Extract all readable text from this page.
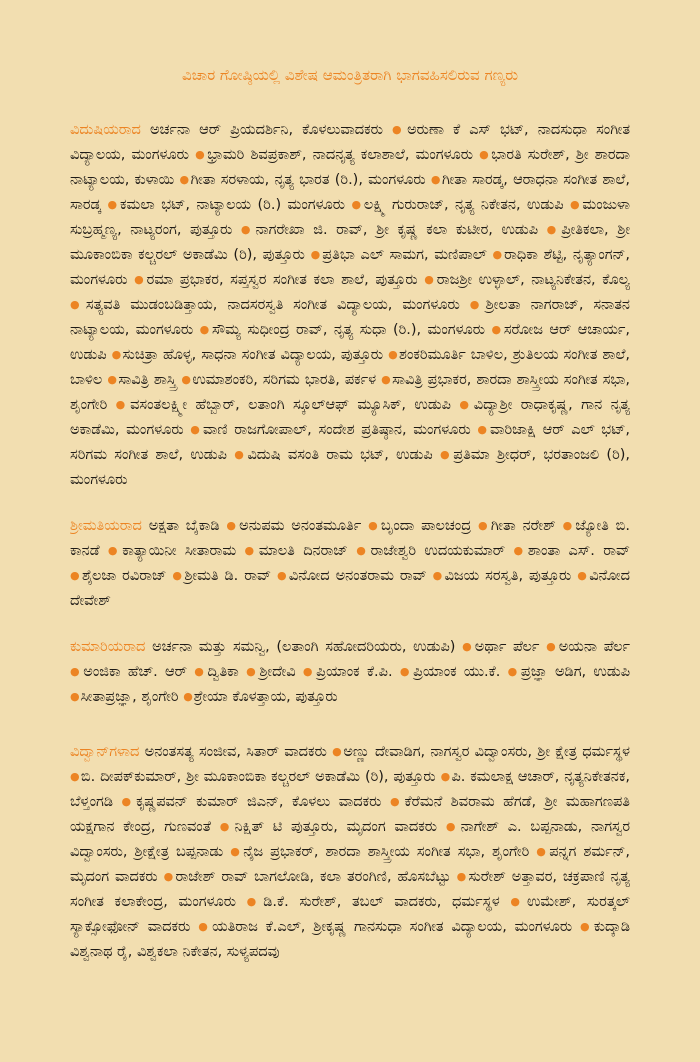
ವಿಚಾರ ಗೋಷ್ಠಿಯಲ್ಲಿ ವಿಶೇಷ ಆಮಂತ್ರಿತರಾಗಿ ಭಾಗವಹಿಸಲಿರುವ ಗಣ್ಯರು

ವಿದುಷಿಯರಾದ ಅರ್ಚನಾ ಆರ್ ಪ್ರಿಯದರ್ಶಿನಿ, ಕೊಳಲುವಾದಕರು ● ಅರುಣಾ ಕೆ ಎಸ್ ಭಟ್, ನಾದಸುಧಾ ಸಂಗೀತ ವಿದ್ಯಾಲಯ, ಮಂಗಳೂರು ● ಭ್ರಾಮರಿ ಶಿವಪ್ರಕಾಶ್, ನಾದನೃತ್ಯ ಕಲಾಶಾಲೆ, ಮಂಗಳೂರು ● ಭಾರತಿ ಸುರೇಶ್, ಶ್ರೀ ಶಾರದಾ ನಾಟ್ಯಾಲಯ, ಕುಳಾಯಿ ● ಗೀತಾ ಸರಳಾಯ, ನೃತ್ಯ ಭಾರತ (ರಿ.), ಮಂಗಳೂರು ● ಗೀತಾ ಸಾರಡ್ಕ, ಆರಾಧನಾ ಸಂಗೀತ ಶಾಲೆ, ಸಾರಡ್ಕ ● ಕಮಲಾ ಭಟ್, ನಾಟ್ಯಾಲಯ (ರಿ.) ಮಂಗಳೂರು ● ಲಕ್ಷ್ಮಿ ಗುರುರಾಜ್, ನೃತ್ಯ ನಿಕೇತನ, ಉಡುಪಿ ● ಮಂಜುಳಾ ಸುಬ್ರಹ್ಮಣ್ಯ, ನಾಟ್ಯರಂಗ, ಪುತ್ತೂರು ● ನಾಗರೇಖಾ ಜಿ. ರಾವ್, ಶ್ರೀ ಕೃಷ್ಣ ಕಲಾ ಕುಟೀರ, ಉಡುಪಿ ● ಪ್ರೀತಿಕಲಾ, ಶ್ರೀ ಮೂಕಾಂಬಿಕಾ ಕಲ್ಚರಲ್ ಅಕಾಡೆಮಿ (ರಿ), ಪುತ್ತೂರು ● ಪ್ರತಿಭಾ ಎಲ್ ಸಾಮಗ, ಮಣಿಪಾಲ್ ● ರಾಧಿಕಾ ಶೆಟ್ಟಿ, ನೃತ್ಯಾಂಗನ್, ಮಂಗಳೂರು ● ರಮಾ ಪ್ರಭಾಕರ, ಸಪ್ತಸ್ವರ ಸಂಗೀತ ಕಲಾ ಶಾಲೆ, ಪುತ್ತೂರು ● ರಾಜಶ್ರೀ ಉಳ್ಳಾಲ್, ನಾಟ್ಯನಿಕೇತನ, ಕೊಲ್ಯ ● ಸತ್ಯವತಿ ಮುಡಂಬಡಿತ್ತಾಯ, ನಾದಸರಸ್ವತಿ ಸಂಗೀತ ವಿದ್ಯಾಲಯ, ಮಂಗಳೂರು ● ಶ್ರೀಲತಾ ನಾಗರಾಜ್, ಸನಾತನ ನಾಟ್ಯಾಲಯ, ಮಂಗಳೂರು ● ಸೌಮ್ಯ ಸುಧೀಂದ್ರ ರಾವ್, ನೃತ್ಯ ಸುಧಾ (ರಿ.), ಮಂಗಳೂರು ● ಸರೋಜ ಆರ್ ಆಚಾರ್ಯ, ಉಡುಪಿ ● ಸುಚಿತ್ರಾ ಹೊಳ್ಳ, ಸಾಧನಾ ಸಂಗೀತ ವಿದ್ಯಾಲಯ, ಪುತ್ತೂರು ● ಶಂಕರಿಮೂರ್ತಿ ಬಾಳಿಲ, ಶ್ರುತಿಲಯ ಸಂಗೀತ ಶಾಲೆ, ಬಾಳಿಲ ● ಸಾವಿತ್ರಿ ಶಾಸ್ತ್ರಿ ● ಉಮಾಶಂಕರಿ, ಸರಿಗಮ ಭಾರತಿ, ಪರ್ಕಳ ● ಸಾವಿತ್ರಿ ಪ್ರಭಾಕರ, ಶಾರದಾ ಶಾಸ್ತ್ರೀಯ ಸಂಗೀತ ಸಭಾ, ಶೃಂಗೇರಿ ● ವಸಂತಲಕ್ಷ್ಮೀ ಹೆಬ್ಬಾರ್, ಲತಾಂಗಿ ಸ್ಕೂಲ್‌ಆಫ್ ಮ್ಯೂಸಿಕ್, ಉಡುಪಿ ● ವಿದ್ಯಾಶ್ರೀ ರಾಧಾಕೃಷ್ಣ, ಗಾನ ನೃತ್ಯ ಅಕಾಡೆಮಿ, ಮಂಗಳೂರು ● ವಾಣಿ ರಾಜಗೋಪಾಲ್, ಸಂದೇಶ ಪ್ರತಿಷ್ಠಾನ, ಮಂಗಳೂರು ● ವಾರಿಜಾಕ್ಷಿ ಆರ್ ಎಲ್ ಭಟ್, ಸರಿಗಮ ಸಂಗೀತ ಶಾಲೆ, ಉಡುಪಿ ● ವಿದುಷಿ ವಸಂತಿ ರಾಮ ಭಟ್, ಉಡುಪಿ ● ಪ್ರತಿಮಾ ಶ್ರೀಧರ್, ಭರತಾಂಜಲಿ (ರಿ), ಮಂಗಳೂರು

ಶ್ರೀಮತಿಯರಾದ ಅಕ್ಷತಾ ಬೈಕಾಡಿ ● ಅನುಪಮ ಅನಂತಮೂರ್ತಿ ● ಬೃಂದಾ ಪಾಲಚಂದ್ರ ● ಗೀತಾ ನರೇಶ್ ● ಜ್ಯೋತಿ ಬಿ. ಕಾನಡೆ ● ಕಾತ್ಯಾಯಿನೀ ಸೀತಾರಾಮ ● ಮಾಲತಿ ದಿನರಾಜ್ ● ರಾಜೇಶ್ವರಿ ಉದಯಕುಮಾರ್ ● ಶಾಂತಾ ಎಸ್. ರಾವ್ ● ಶೈಲಜಾ ರವಿರಾಜ್ ● ಶ್ರೀಮತಿ ಡಿ. ರಾವ್ ● ವಿನೋದ ಅನಂತರಾಮ ರಾವ್ ● ವಿಜಯ ಸರಸ್ವತಿ, ಪುತ್ತೂರು ● ವಿನೋದ ದೇವೇಶ್

ಕುಮಾರಿಯರಾದ ಅರ್ಚನಾ ಮತ್ತು ಸಮನ್ವಿ, (ಲತಾಂಗಿ ಸಹೋದರಿಯರು, ಉಡುಪಿ) ● ಅರ್ಥಾ ಪೆರ್ಲ ● ಅಯನಾ ಪೆರ್ಲ ● ಅಂಜಿಕಾ ಹೆಚ್. ಆರ್ ● ದ್ವಿತಿಕಾ ● ಶ್ರೀದೇವಿ ● ಪ್ರಿಯಾಂಕ ಕೆ.ಪಿ. ● ಪ್ರಿಯಾಂಕ ಯು.ಕೆ. ● ಪ್ರಜ್ಞಾ ಅಡಿಗ, ಉಡುಪಿ ● ಸೀತಾಪ್ರಜ್ಞಾ, ಶೃಂಗೇರಿ ● ಶ್ರೇಯಾ ಕೊಳತ್ತಾಯ, ಪುತ್ತೂರು

ವಿದ್ವಾನ್‌ಗಳಾದ ಅನಂತಸತ್ಯ ಸಂಜೀವ, ಸಿತಾರ್ ವಾದಕರು ● ಅಣ್ಣು ದೇವಾಡಿಗ, ನಾಗಸ್ವರ ವಿದ್ವಾಂಸರು, ಶ್ರೀ ಕ್ಷೇತ್ರ ಧರ್ಮಸ್ಥಳ ● ಬಿ. ದೀಪಕ್‌ಕುಮಾರ್, ಶ್ರೀ ಮೂಕಾಂಬಿಕಾ ಕಲ್ಚರಲ್ ಅಕಾಡೆಮಿ (ರಿ), ಪುತ್ತೂರು ● ಪಿ. ಕಮಲಾಕ್ಷ ಆಚಾರ್, ನೃತ್ಯನಿಕೇತನಕ, ಬೆಳ್ತಂಗಡಿ ● ಕೃಷ್ಣಪವನ್ ಕುಮಾರ್ ಜಿಎನ್, ಕೊಳಲು ವಾದಕರು ● ಕೆರೆಮನೆ ಶಿವರಾಮ ಹೆಗಡೆ, ಶ್ರೀ ಮಹಾಗಣಪತಿ ಯಕ್ಷಗಾನ ಕೇಂದ್ರ, ಗುಣವಂತೆ ● ನಿಕ್ಷಿತ್ ಟಿ ಪುತ್ತೂರು, ಮೃದಂಗ ವಾದಕರು ● ನಾಗೇಶ್ ಎ. ಬಪ್ಪನಾಡು, ನಾಗಸ್ವರ ವಿದ್ವಾಂಸರು, ಶ್ರೀಕ್ಷೇತ್ರ ಬಪ್ಪನಾಡು ● ನೈಜ ಪ್ರಭಾಕರ್, ಶಾರದಾ ಶಾಸ್ತ್ರೀಯ ಸಂಗೀತ ಸಭಾ, ಶೃಂಗೇರಿ ● ಪನ್ನಗ ಶರ್ಮನ್, ಮೃದಂಗ ವಾದಕರು ● ರಾಜೇಶ್ ರಾವ್ ಬಾಗಲೋಡಿ, ಕಲಾ ತರಂಗಿಣಿ, ಹೊಸಬೆಟ್ಟು ● ಸುರೇಶ್ ಅತ್ತಾವರ, ಚಕ್ರಪಾಣಿ ನೃತ್ಯ ಸಂಗೀತ ಕಲಾಕೇಂದ್ರ, ಮಂಗಳೂರು ● ಡಿ.ಕೆ. ಸುರೇಶ್, ತಬಲ್ ವಾದಕರು, ಧರ್ಮಸ್ಥಳ ● ಉಮೇಶ್, ಸುರತ್ಕಲ್ ಸ್ಯಾಕ್ಸೋಫೋನ್ ವಾದಕರು ● ಯತಿರಾಜ ಕೆ.ಎಲ್, ಶ್ರೀಕೃಷ್ಣ ಗಾನಸುಧಾ ಸಂಗೀತ ವಿದ್ಯಾಲಯ, ಮಂಗಳೂರು ● ಕುದ್ಕಾಡಿ ವಿಶ್ವನಾಥ ರೈ, ವಿಶ್ವಕಲಾ ನಿಕೇತನ, ಸುಳ್ಯಪದವು
